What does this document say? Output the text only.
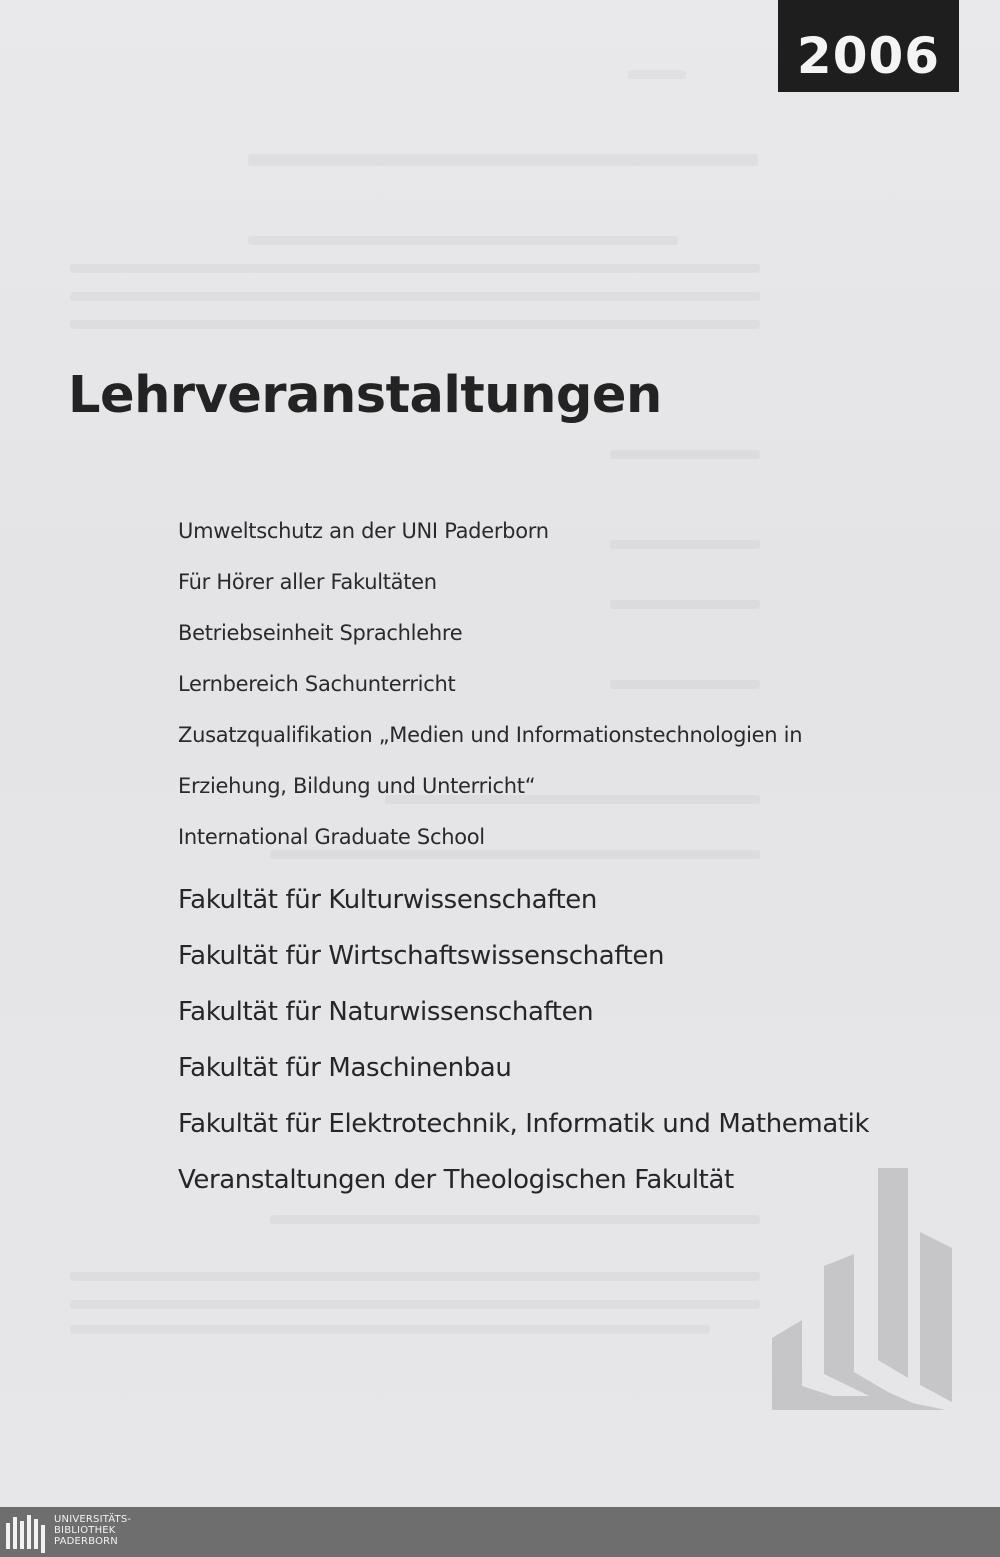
2006
Lehrveranstaltungen
Umweltschutz an der UNI Paderborn
Für Hörer aller Fakultäten
Betriebseinheit Sprachlehre
Lernbereich Sachunterricht
Zusatzqualifikation „Medien und Informationstechnologien in
Erziehung, Bildung und Unterricht“
International Graduate School
Fakultät für Kulturwissenschaften
Fakultät für Wirtschaftswissenschaften
Fakultät für Naturwissenschaften
Fakultät für Maschinenbau
Fakultät für Elektrotechnik, Informatik und Mathematik
Veranstaltungen der Theologischen Fakultät
UNIVERSITÄTS-
BIBLIOTHEK
PADERBORN
